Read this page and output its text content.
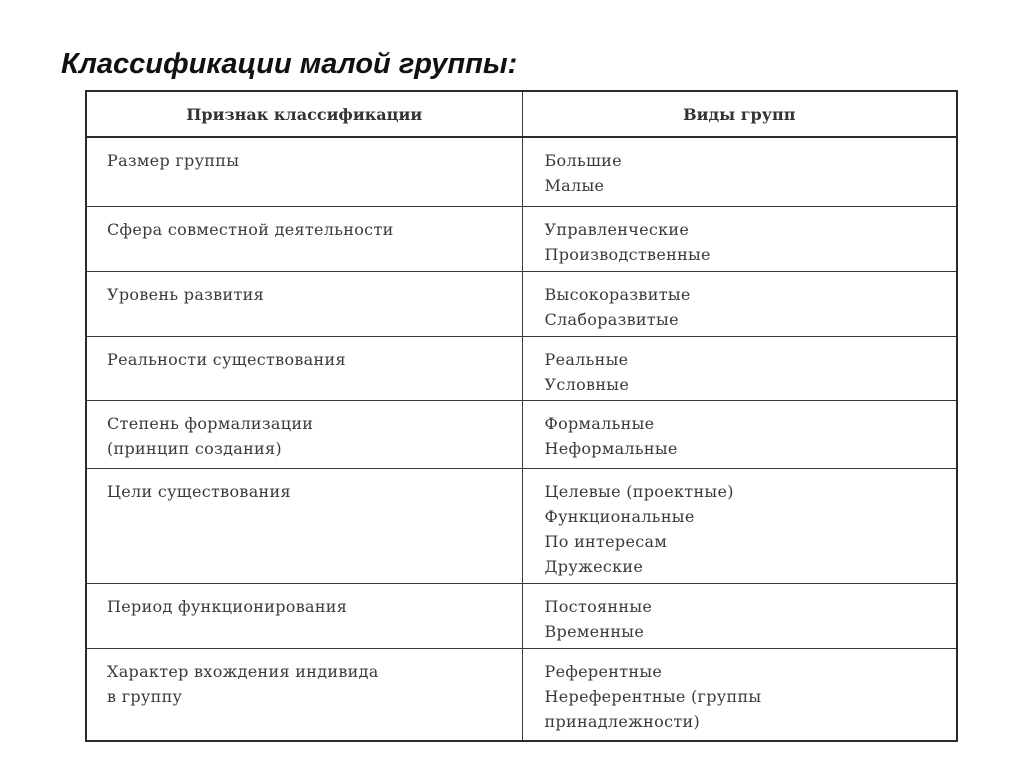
Классификации малой группы:
Признак классификации	Виды групп

Размер группы	Большие
Малые

Сфера совместной деятельности	Управленческие
Производственные

Уровень развития	Высокоразвитые
Слаборазвитые

Реальности существования	Реальные
Условные

Степень формализации
(принцип создания)	Формальные
Неформальные

Цели существования	Целевые (проектные)
Функциональные
По интересам
Дружеские

Период функционирования	Постоянные
Временные

Характер вхождения индивида
в группу	Референтные
Нереферентные (группы
принадлежности)
